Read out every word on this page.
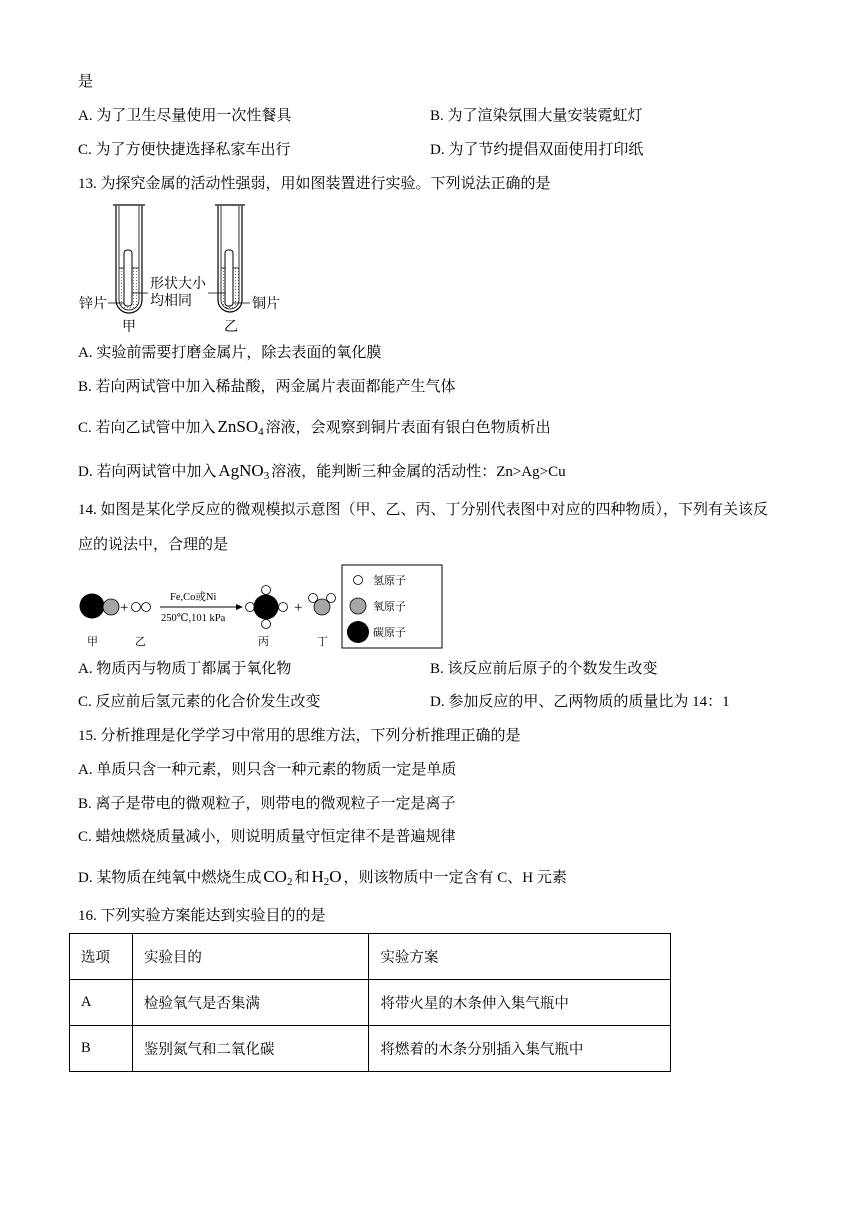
是
A. 为了卫生尽量使用一次性餐具	B. 为了渲染氛围大量安装霓虹灯
C. 为了方便快捷选择私家车出行	D. 为了节约提倡双面使用打印纸
13. 为探究金属的活动性强弱，用如图装置进行实验。下列说法正确的是
锌片
甲
形状大小
均相同	铜片
乙
A. 实验前需要打磨金属片，除去表面的氧化膜
B. 若向两试管中加入稀盐酸，两金属片表面都能产生气体
C. 若向乙试管中加入 ZnSO$_4$ 溶液，会观察到铜片表面有银白色物质析出
D. 若向两试管中加入 AgNO$_3$ 溶液，能判断三种金属的活动性：Zn>Ag>Cu
14. 如图是某化学反应的微观模拟示意图（甲、乙、丙、丁分别代表图中对应的四种物质），下列有关该反
应的说法中，合理的是
+
Fe,Co或Ni
250℃,101 kPa
+
甲	乙	丙	丁
氢原子
氧原子
碳原子
A. 物质丙与物质丁都属于氧化物	B. 该反应前后原子的个数发生改变
C. 反应前后氢元素的化合价发生改变	D. 参加反应的甲、乙两物质的质量比为 14：1
15. 分析推理是化学学习中常用的思维方法，下列分析推理正确的是
A. 单质只含一种元素，则只含一种元素的物质一定是单质
B. 离子是带电的微观粒子，则带电的微观粒子一定是离子
C. 蜡烛燃烧质量减小，则说明质量守恒定律不是普遍规律
D. 某物质在纯氧中燃烧生成 $CO_2$ 和 $H_2O$ ，则该物质中一定含有 C、H 元素
16. 下列实验方案能达到实验目的的是
选项	实验目的	实验方案
A	检验氧气是否集满	将带火星的木条伸入集气瓶中
B	鉴别氮气和二氧化碳	将燃着的木条分别插入集气瓶中
